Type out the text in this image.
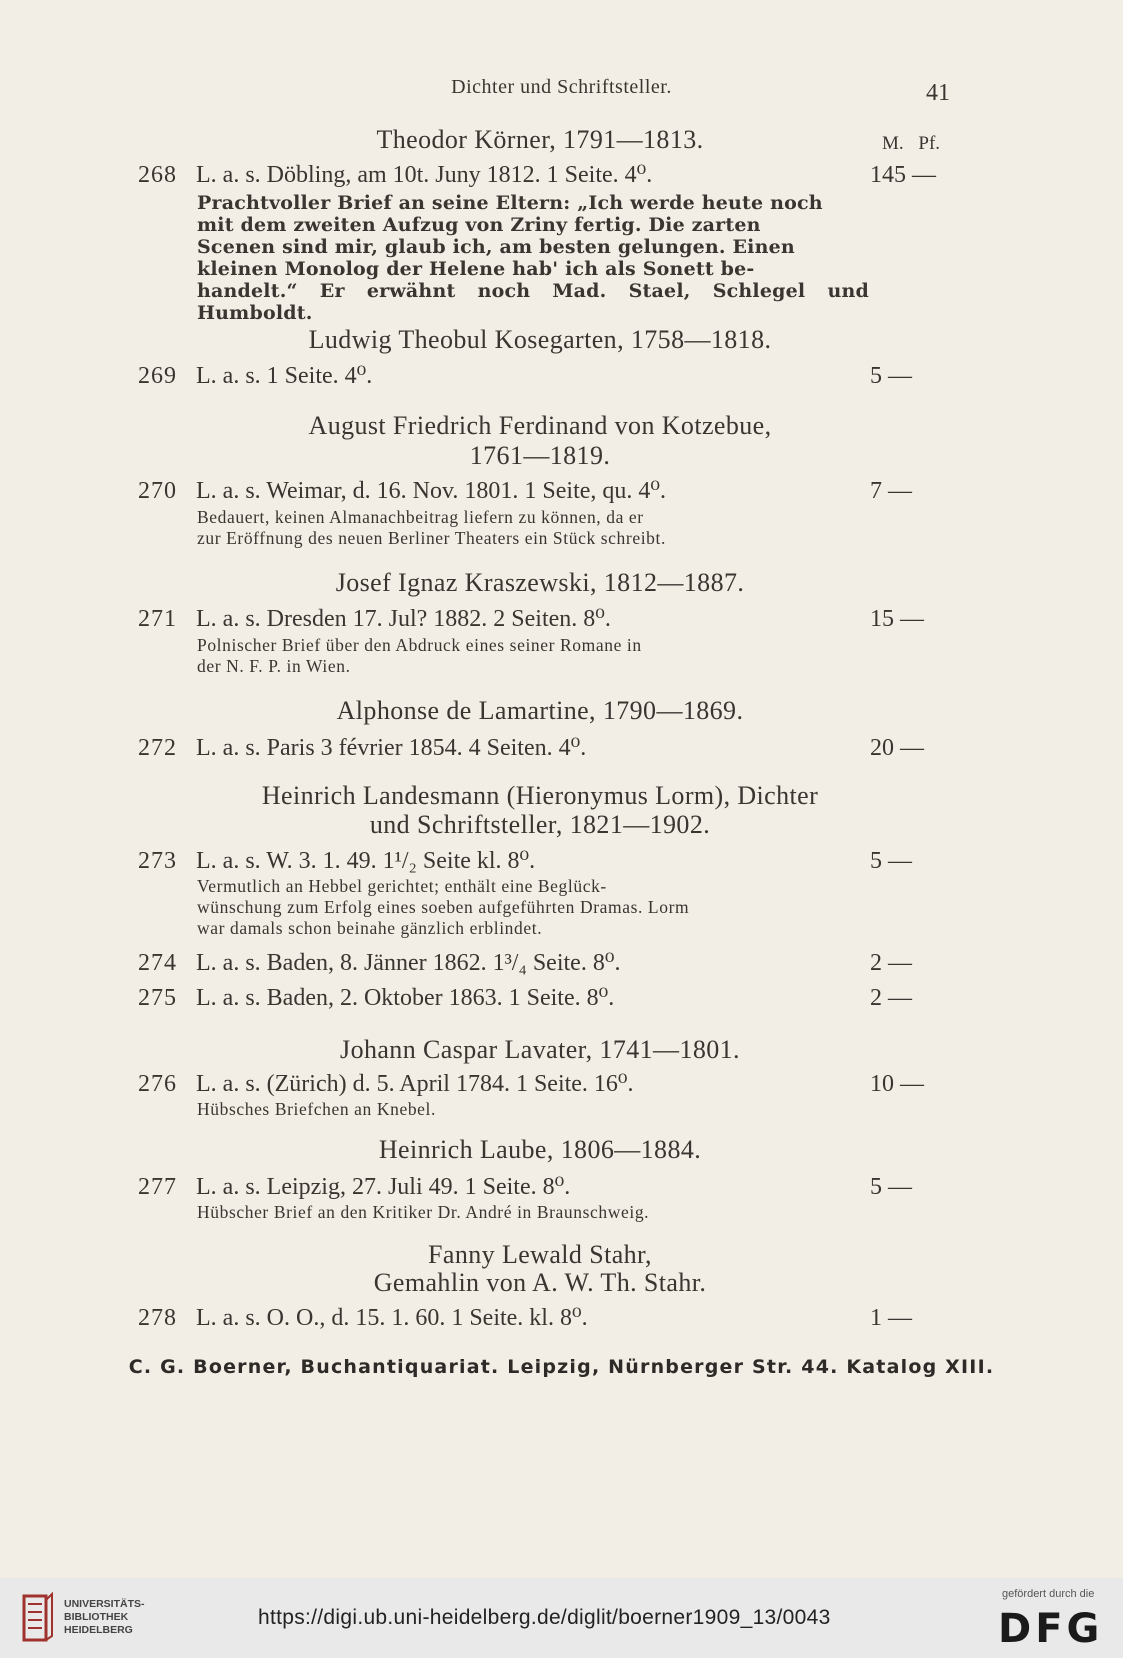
Dichter und Schriftsteller.	41
M. Pf.
Theodor Körner, 1791—1813.
268 L. a. s. Döbling, am 10t. Juny 1812. 1 Seite. 4⁰.	145 —
Prachtvoller Brief an seine Eltern: „Ich werde heute noch
mit dem zweiten Aufzug von Zriny fertig. Die zarten
Scenen sind mir, glaub ich, am besten gelungen. Einen
kleinen Monolog der Helene hab' ich als Sonett be-
handelt.“ Er erwähnt noch Mad. Stael, Schlegel und Humboldt.
Ludwig Theobul Kosegarten, 1758—1818.
269 L. a. s. 1 Seite. 4⁰.	5 —
August Friedrich Ferdinand von Kotzebue,
1761—1819.
270 L. a. s. Weimar, d. 16. Nov. 1801. 1 Seite, qu. 4⁰.	7 —
Bedauert, keinen Almanachbeitrag liefern zu können, da er
zur Eröffnung des neuen Berliner Theaters ein Stück schreibt.
Josef Ignaz Kraszewski, 1812—1887.
271 L. a. s. Dresden 17. Jul? 1882. 2 Seiten. 8⁰.	15 —
Polnischer Brief über den Abdruck eines seiner Romane in
der N. F. P. in Wien.
Alphonse de Lamartine, 1790—1869.
272 L. a. s. Paris 3 février 1854. 4 Seiten. 4⁰.	20 —
Heinrich Landesmann (Hieronymus Lorm), Dichter
und Schriftsteller, 1821—1902.
273 L. a. s. W. 3. 1. 49. 1¹/₂ Seite kl. 8⁰.	5 —
Vermutlich an Hebbel gerichtet; enthält eine Beglück-
wünschung zum Erfolg eines soeben aufgeführten Dramas. Lorm
war damals schon beinahe gänzlich erblindet.
274 L. a. s. Baden, 8. Jänner 1862. 1³/₄ Seite. 8⁰.	2 —
275 L. a. s. Baden, 2. Oktober 1863. 1 Seite. 8⁰.	2 —
Johann Caspar Lavater, 1741—1801.
276 L. a. s. (Zürich) d. 5. April 1784. 1 Seite. 16⁰.	10 —
Hübsches Briefchen an Knebel.
Heinrich Laube, 1806—1884.
277 L. a. s. Leipzig, 27. Juli 49. 1 Seite. 8⁰.	5 —
Hübscher Brief an den Kritiker Dr. André in Braunschweig.
Fanny Lewald Stahr,
Gemahlin von A. W. Th. Stahr.
278 L. a. s. O. O., d. 15. 1. 60. 1 Seite. kl. 8⁰.	1 —
C. G. Boerner, Buchantiquariat. Leipzig, Nürnberger Str. 44. Katalog XIII.
UNIVERSITÄTS-
BIBLIOTHEK
HEIDELBERG
https://digi.ub.uni-heidelberg.de/diglit/boerner1909_13/0043
gefördert durch die
DFG
